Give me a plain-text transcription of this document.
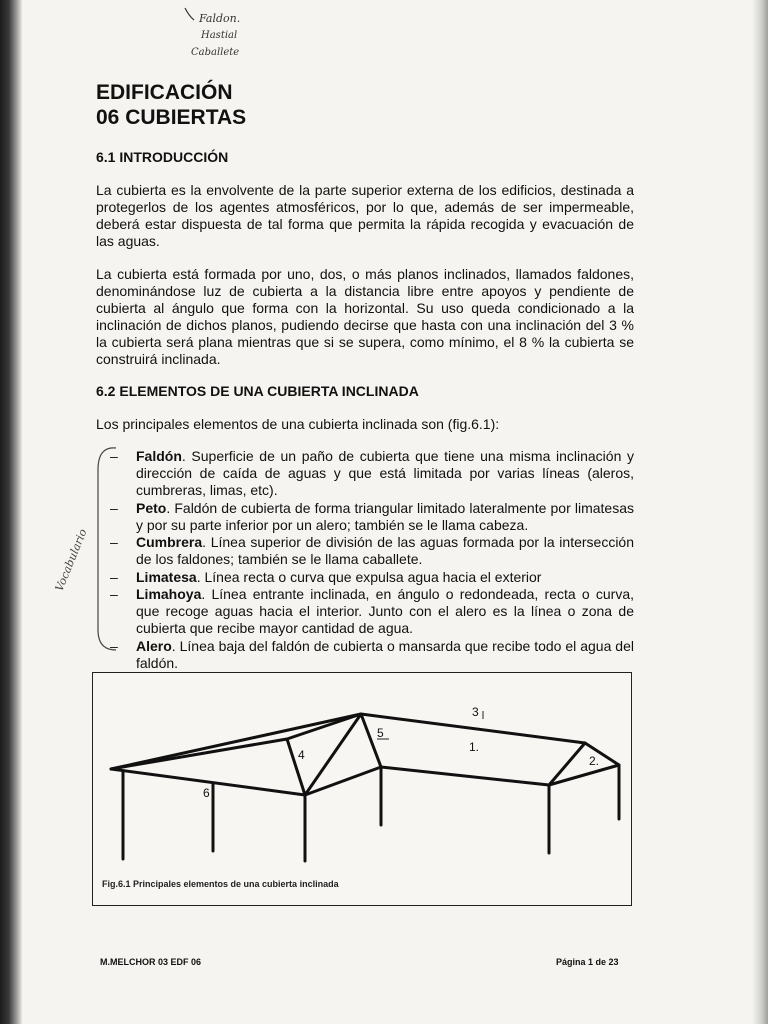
Faldon.
Hastial
Caballete
EDIFICACIÓN
06 CUBIERTAS
6.1 INTRODUCCIÓN

La cubierta es la envolvente de la parte superior externa de los edificios, destinada a protegerlos de los agentes atmosféricos, por lo que, además de ser impermeable, deberá estar dispuesta de tal forma que permita la rápida recogida y evacuación de las aguas.

La cubierta está formada por uno, dos, o más planos inclinados, llamados faldones, denominándose luz de cubierta a la distancia libre entre apoyos y pendiente de cubierta al ángulo que forma con la horizontal. Su uso queda condicionado a la inclinación de dichos planos, pudiendo decirse que hasta con una inclinación del 3 % la cubierta será plana mientras que si se supera, como mínimo, el 8 % la cubierta se construirá inclinada.

6.2 ELEMENTOS DE UNA CUBIERTA INCLINADA

Los principales elementos de una cubierta inclinada son (fig.6.1):

Vocabulario
– Faldón. Superficie de un paño de cubierta que tiene una misma inclinación y dirección de caída de aguas y que está limitada por varias líneas (aleros, cumbreras, limas, etc).
– Peto. Faldón de cubierta de forma triangular limitado lateralmente por limatesas y por su parte inferior por un alero; también se le llama cabeza.
– Cumbrera. Línea superior de división de las aguas formada por la intersección de los faldones; también se le llama caballete.
– Limatesa. Línea recta o curva que expulsa agua hacia el exterior
– Limahoya. Línea entrante inclinada, en ángulo o redondeada, recta o curva, que recoge aguas hacia el interior. Junto con el alero es la línea o zona de cubierta que recibe mayor cantidad de agua.
– Alero. Línea baja del faldón de cubierta o mansarda que recibe todo el agua del faldón.
1.
2.
3
4
5
6
Fig.6.1 Principales elementos de una cubierta inclinada
M.MELCHOR 03 EDF 06	Página 1 de 23
